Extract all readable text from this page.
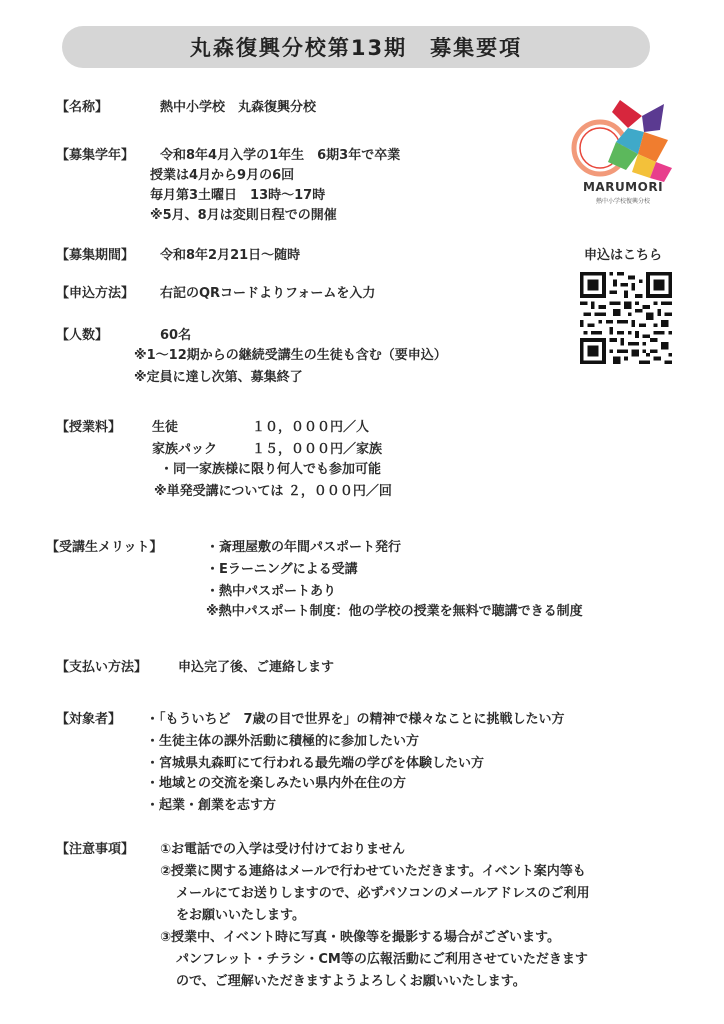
丸森復興分校第13期　募集要項
MARUMORI
熱中小学校復興分校
申込はこちら
【名称】	熱中小学校　丸森復興分校
【募集学年】 令和8年4月入学の1年生　6期3年で卒業
授業は4月から9月の6回
毎月第3土曜日　13時〜17時
※5月、8月は変則日程での開催
【募集期間】 令和8年2月21日〜随時
【申込方法】 右記のQRコードよりフォームを入力
【人数】	60名
※1〜12期からの継続受講生の生徒も含む（要申込）
※定員に達し次第、募集終了
【授業料】 生徒	１０，０００円／人
家族パック	１５，０００円／家族
・同一家族様に限り何人でも参加可能
※単発受講については ２，０００円／回
【受講生メリット】	・斎理屋敷の年間パスポート発行
・Eラーニングによる受講
・熱中パスポートあり
※熱中パスポート制度：他の学校の授業を無料で聴講できる制度
【支払い方法】 申込完了後、ご連絡します
【対象者】 ・「もういちど　7歳の目で世界を」の精神で様々なことに挑戦したい方
・生徒主体の課外活動に積極的に参加したい方
・宮城県丸森町にて行われる最先端の学びを体験したい方
・地域との交流を楽しみたい県内外在住の方
・起業・創業を志す方
【注意事項】 ①お電話での入学は受け付けておりません
②授業に関する連絡はメールで行わせていただきます。イベント案内等も
メールにてお送りしますので、必ずパソコンのメールアドレスのご利用
をお願いいたします。
③授業中、イベント時に写真・映像等を撮影する場合がございます。
パンフレット・チラシ・CM等の広報活動にご利用させていただきます
ので、ご理解いただきますようよろしくお願いいたします。
